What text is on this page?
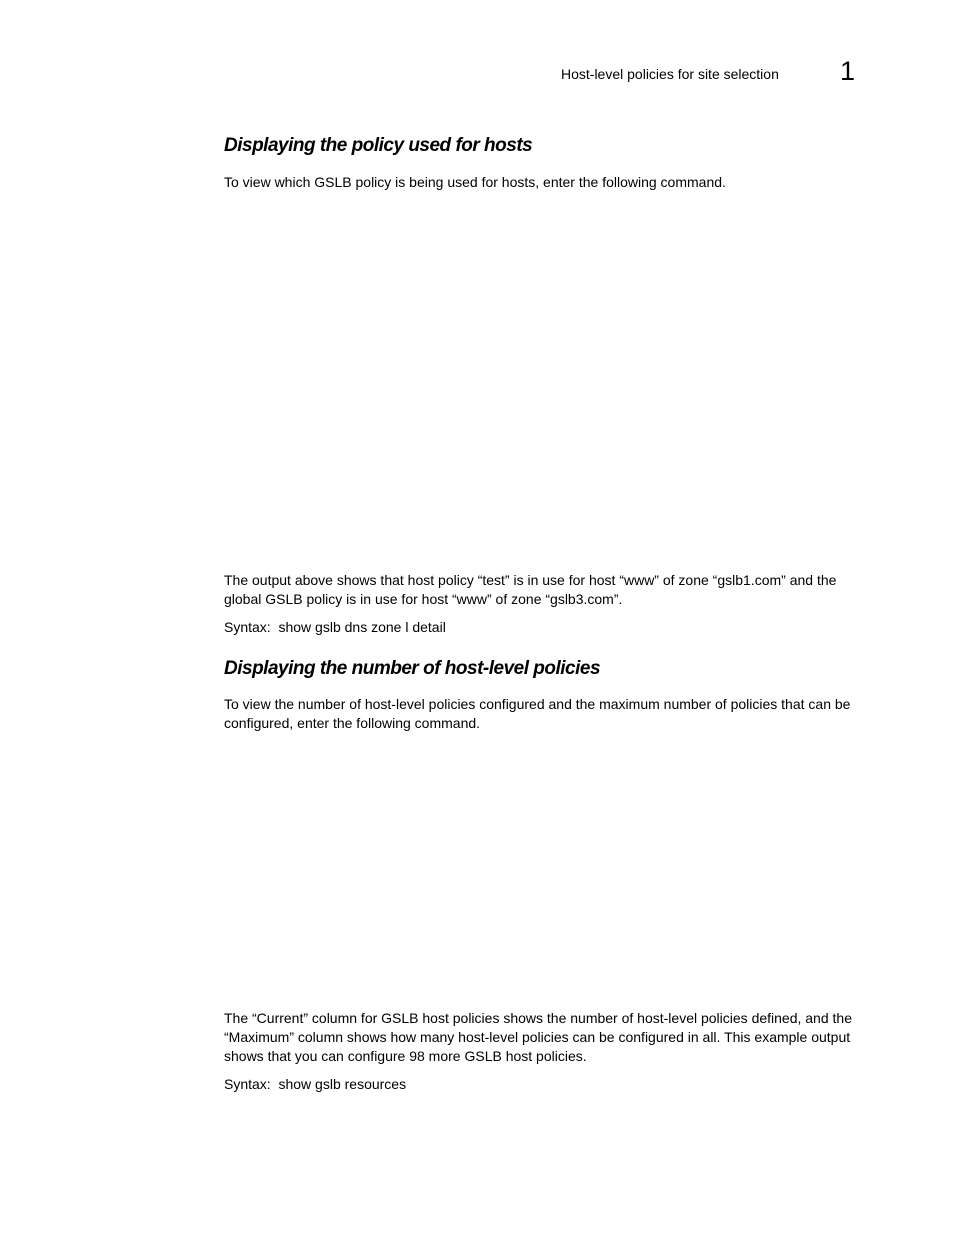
Host-level policies for site selection 1
Displaying the policy used for hosts

To view which GSLB policy is being used for hosts, enter the following command.

The output above shows that host policy “test” is in use for host “www” of zone “gslb1.com” and the global GSLB policy is in use for host “www” of zone “gslb3.com”.

Syntax: show gslb dns zone l detail

Displaying the number of host-level policies

To view the number of host-level policies configured and the maximum number of policies that can be configured, enter the following command.

The “Current” column for GSLB host policies shows the number of host-level policies defined, and the “Maximum” column shows how many host-level policies can be configured in all. This example output shows that you can configure 98 more GSLB host policies.

Syntax: show gslb resources
